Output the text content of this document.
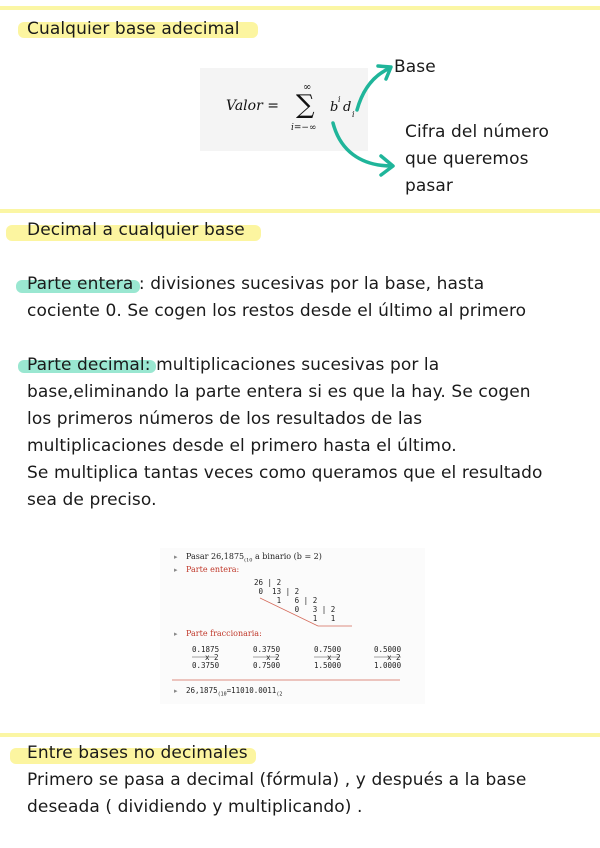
Cualquier base adecimal
Valor =
∞
∑
i=−∞
b
i
d i
Base
Cifra del número
que queremos
pasar
Decimal a cualquier base
Parte entera : divisiones sucesivas por la base, hasta
cociente 0. Se cogen los restos desde el último al primero
Parte decimal: multiplicaciones sucesivas por la
base,eliminando la parte entera si es que la hay. Se cogen
los primeros números de los resultados de las
multiplicaciones desde el primero hasta el último.
Se multiplica tantas veces como queramos que el resultado
sea de preciso.
▸ Pasar $26,1875_{(10}$ a binario (b = 2)
▸ Parte entera:
26 | 2
0  13 | 2
1   6 | 2
0   3 | 2
1   1
▸ Parte fraccionaria:
0.1875
x 2
0.3750
0.3750
x 2
0.7500
0.7500
x 2
1.5000
0.5000
x 2
1.0000
▸ $26,1875_{(10}=11010.0011_{(2}$
Entre bases no decimales
Primero se pasa a decimal (fórmula) , y después a la base
deseada ( dividiendo y multiplicando) .
